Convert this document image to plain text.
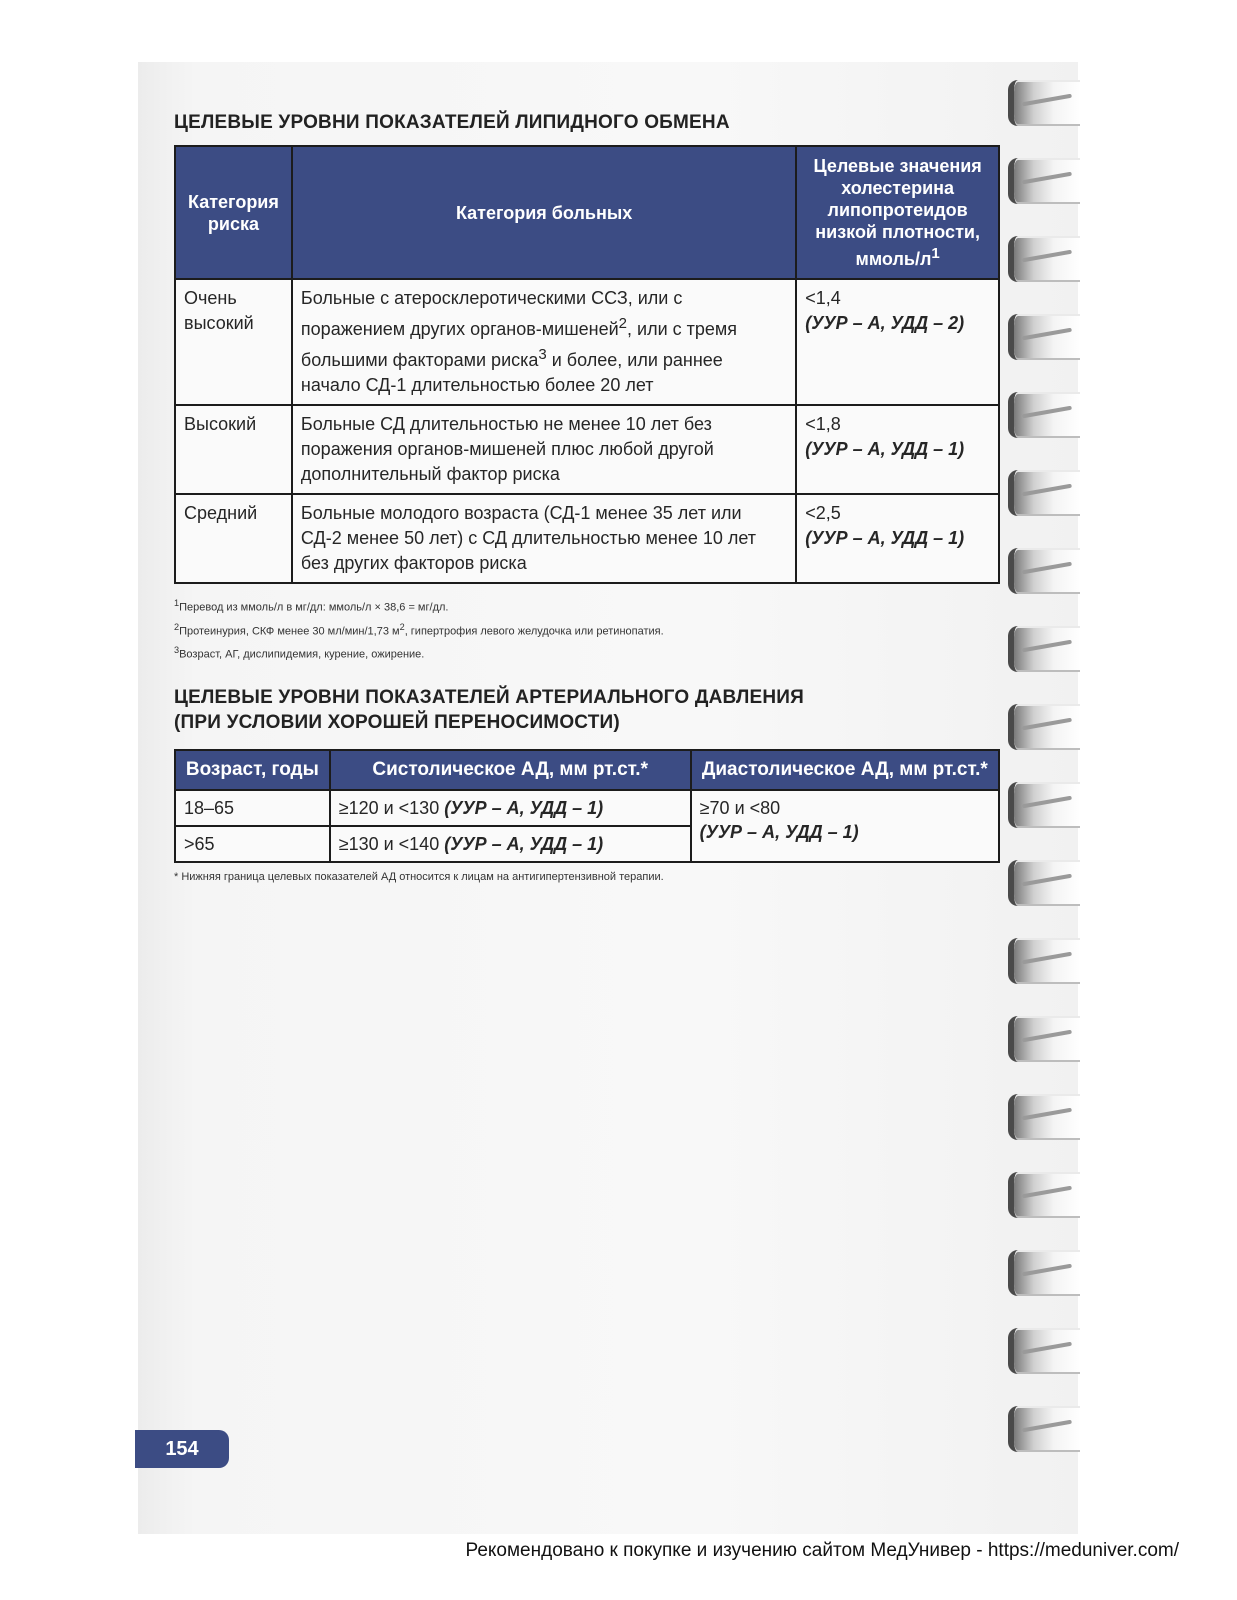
ЦЕЛЕВЫЕ УРОВНИ ПОКАЗАТЕЛЕЙ ЛИПИДНОГО ОБМЕНА
Категория риска	Категория больных	Целевые значения холестерина липопротеидов низкой плотности, ммоль/$л^1$
Очень высокий	Больные с атеросклеротическими ССЗ, или с поражением других органов-мишеней$^2$, или с тремя большими факторами риска$^3$ и более, или раннее начало СД-1 длительностью более 20 лет	<1,4
(УУР – А, УДД – 2)

Высокий	Больные СД длительностью не менее 10 лет без поражения органов-мишеней плюс любой другой дополнительный фактор риска	<1,8
(УУР – А, УДД – 1)

Средний	Больные молодого возраста (СД-1 менее 35 лет или СД-2 менее 50 лет) с СД длительностью менее 10 лет без других факторов риска	<2,5
(УУР – А, УДД – 1)
$^1$Перевод из ммоль/л в мг/дл: ммоль/л × 38,6 = мг/дл.
$^2$Протеинурия, СКФ менее 30 мл/мин/1,73 $м^2$, гипертрофия левого желудочка или ретинопатия.
$^3$Возраст, АГ, дислипидемия, курение, ожирение.
ЦЕЛЕВЫЕ УРОВНИ ПОКАЗАТЕЛЕЙ АРТЕРИАЛЬНОГО ДАВЛЕНИЯ
(ПРИ УСЛОВИИ ХОРОШЕЙ ПЕРЕНОСИМОСТИ)
Возраст, годы	Систолическое АД, мм рт.ст.*	Диастолическое АД, мм рт.ст.*
18–65	≥120 и <130 (УУР – А, УДД – 1)	≥70 и <80
(УУР – А, УДД – 1)

>65	≥130 и <140 (УУР – А, УДД – 1)	
* Нижняя граница целевых показателей АД относится к лицам на антигипертензивной терапии.
154
Рекомендовано к покупке и изучению сайтом МедУнивер - https://meduniver.com/
